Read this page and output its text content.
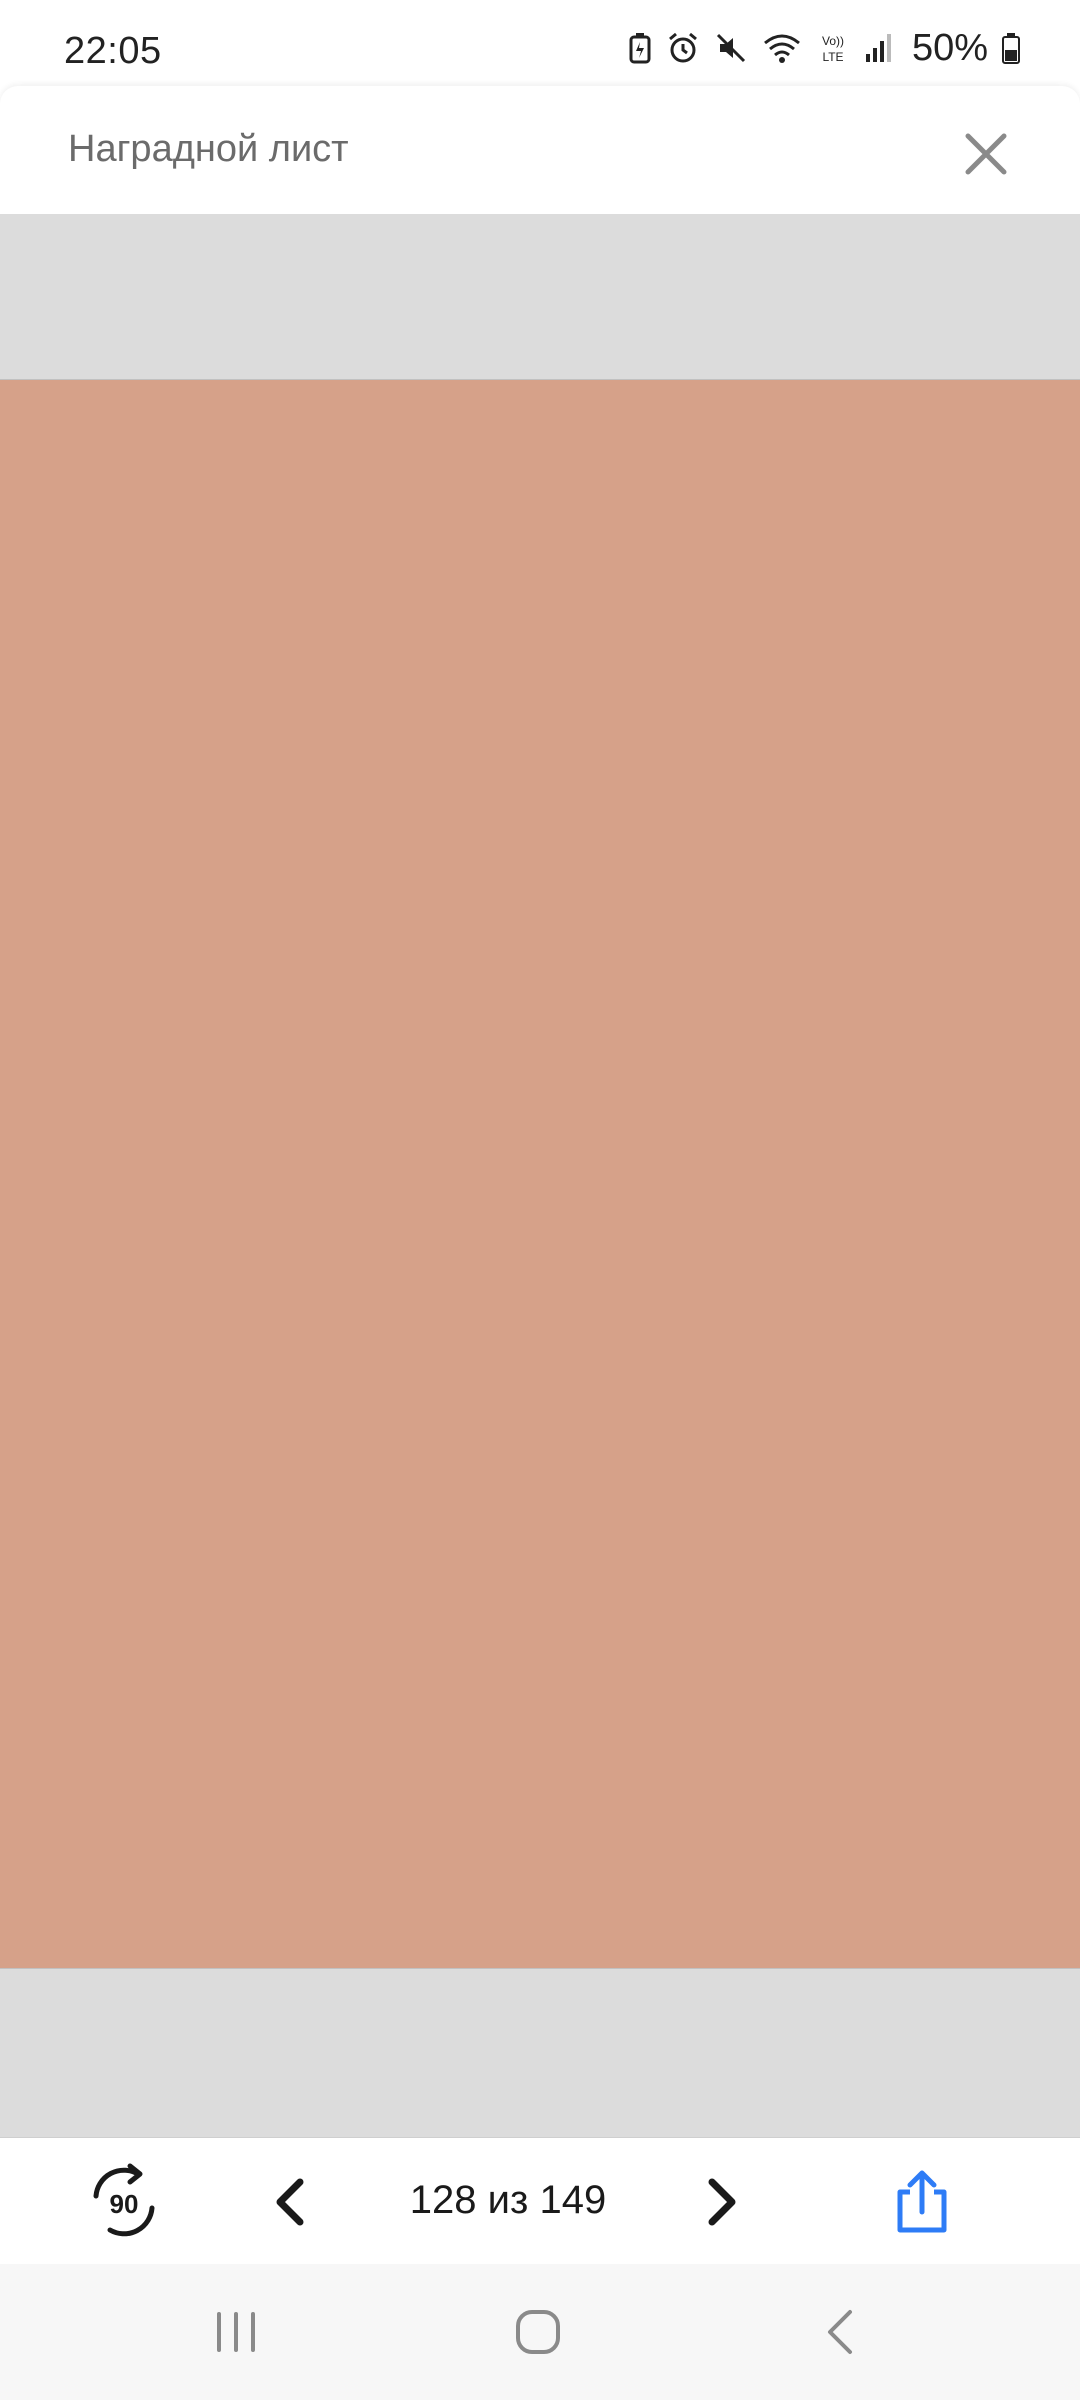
22:05	Vo))
LTE 50%
Наградной лист
90	128 из 149
